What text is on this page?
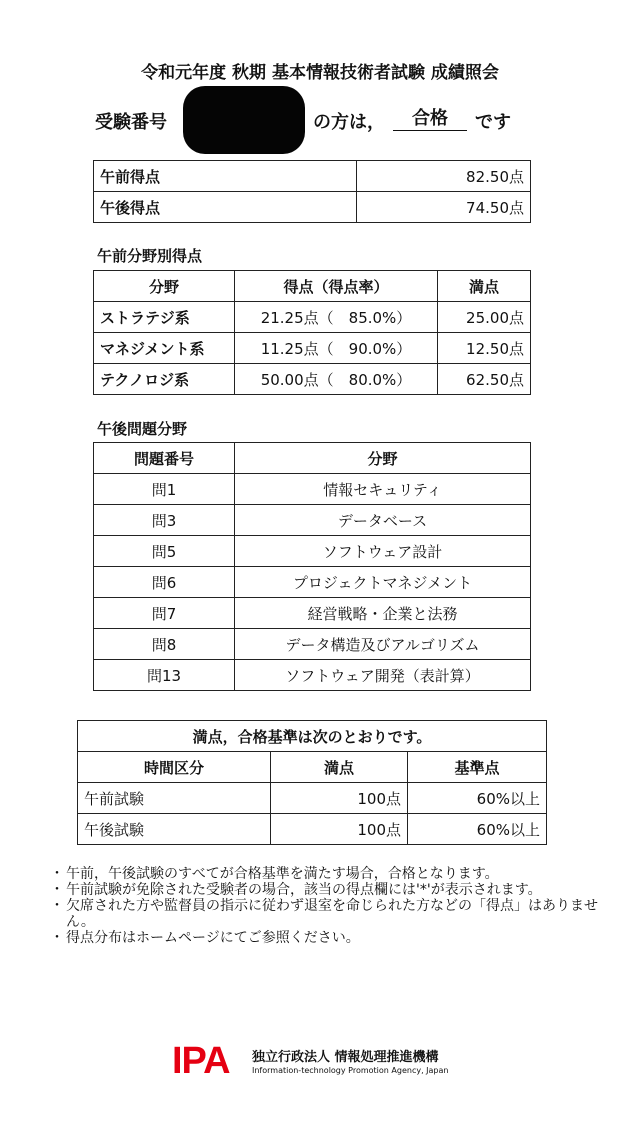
令和元年度 秋期 基本情報技術者試験 成績照会
受験番号	の方は，	合格	です
午前得点	82.50点
午後得点	74.50点
午前分野別得点
分野	得点（得点率）	満点
ストラテジ系	21.25点（　85.0%）	25.00点
マネジメント系	11.25点（　90.0%）	12.50点
テクノロジ系	50.00点（　80.0%）	62.50点
午後問題分野
問題番号	分野
問1	情報セキュリティ
問3	データベース
問5	ソフトウェア設計
問6	プロジェクトマネジメント
問7	経営戦略・企業と法務
問8	データ構造及びアルゴリズム
問13	ソフトウェア開発（表計算）
満点，合格基準は次のとおりです。		
時間区分	満点	基準点
午前試験	100点	60%以上
午後試験	100点	60%以上
・ 午前，午後試験のすべてが合格基準を満たす場合，合格となります。
・ 午前試験が免除された受験者の場合，該当の得点欄には'*'が表示されます。
・ 欠席された方や監督員の指示に従わず退室を命じられた方などの「得点」はありません。
・ 得点分布はホームページにてご参照ください。
IPA 独立行政法人 情報処理推進機構
Information-technology Promotion Agency, Japan
